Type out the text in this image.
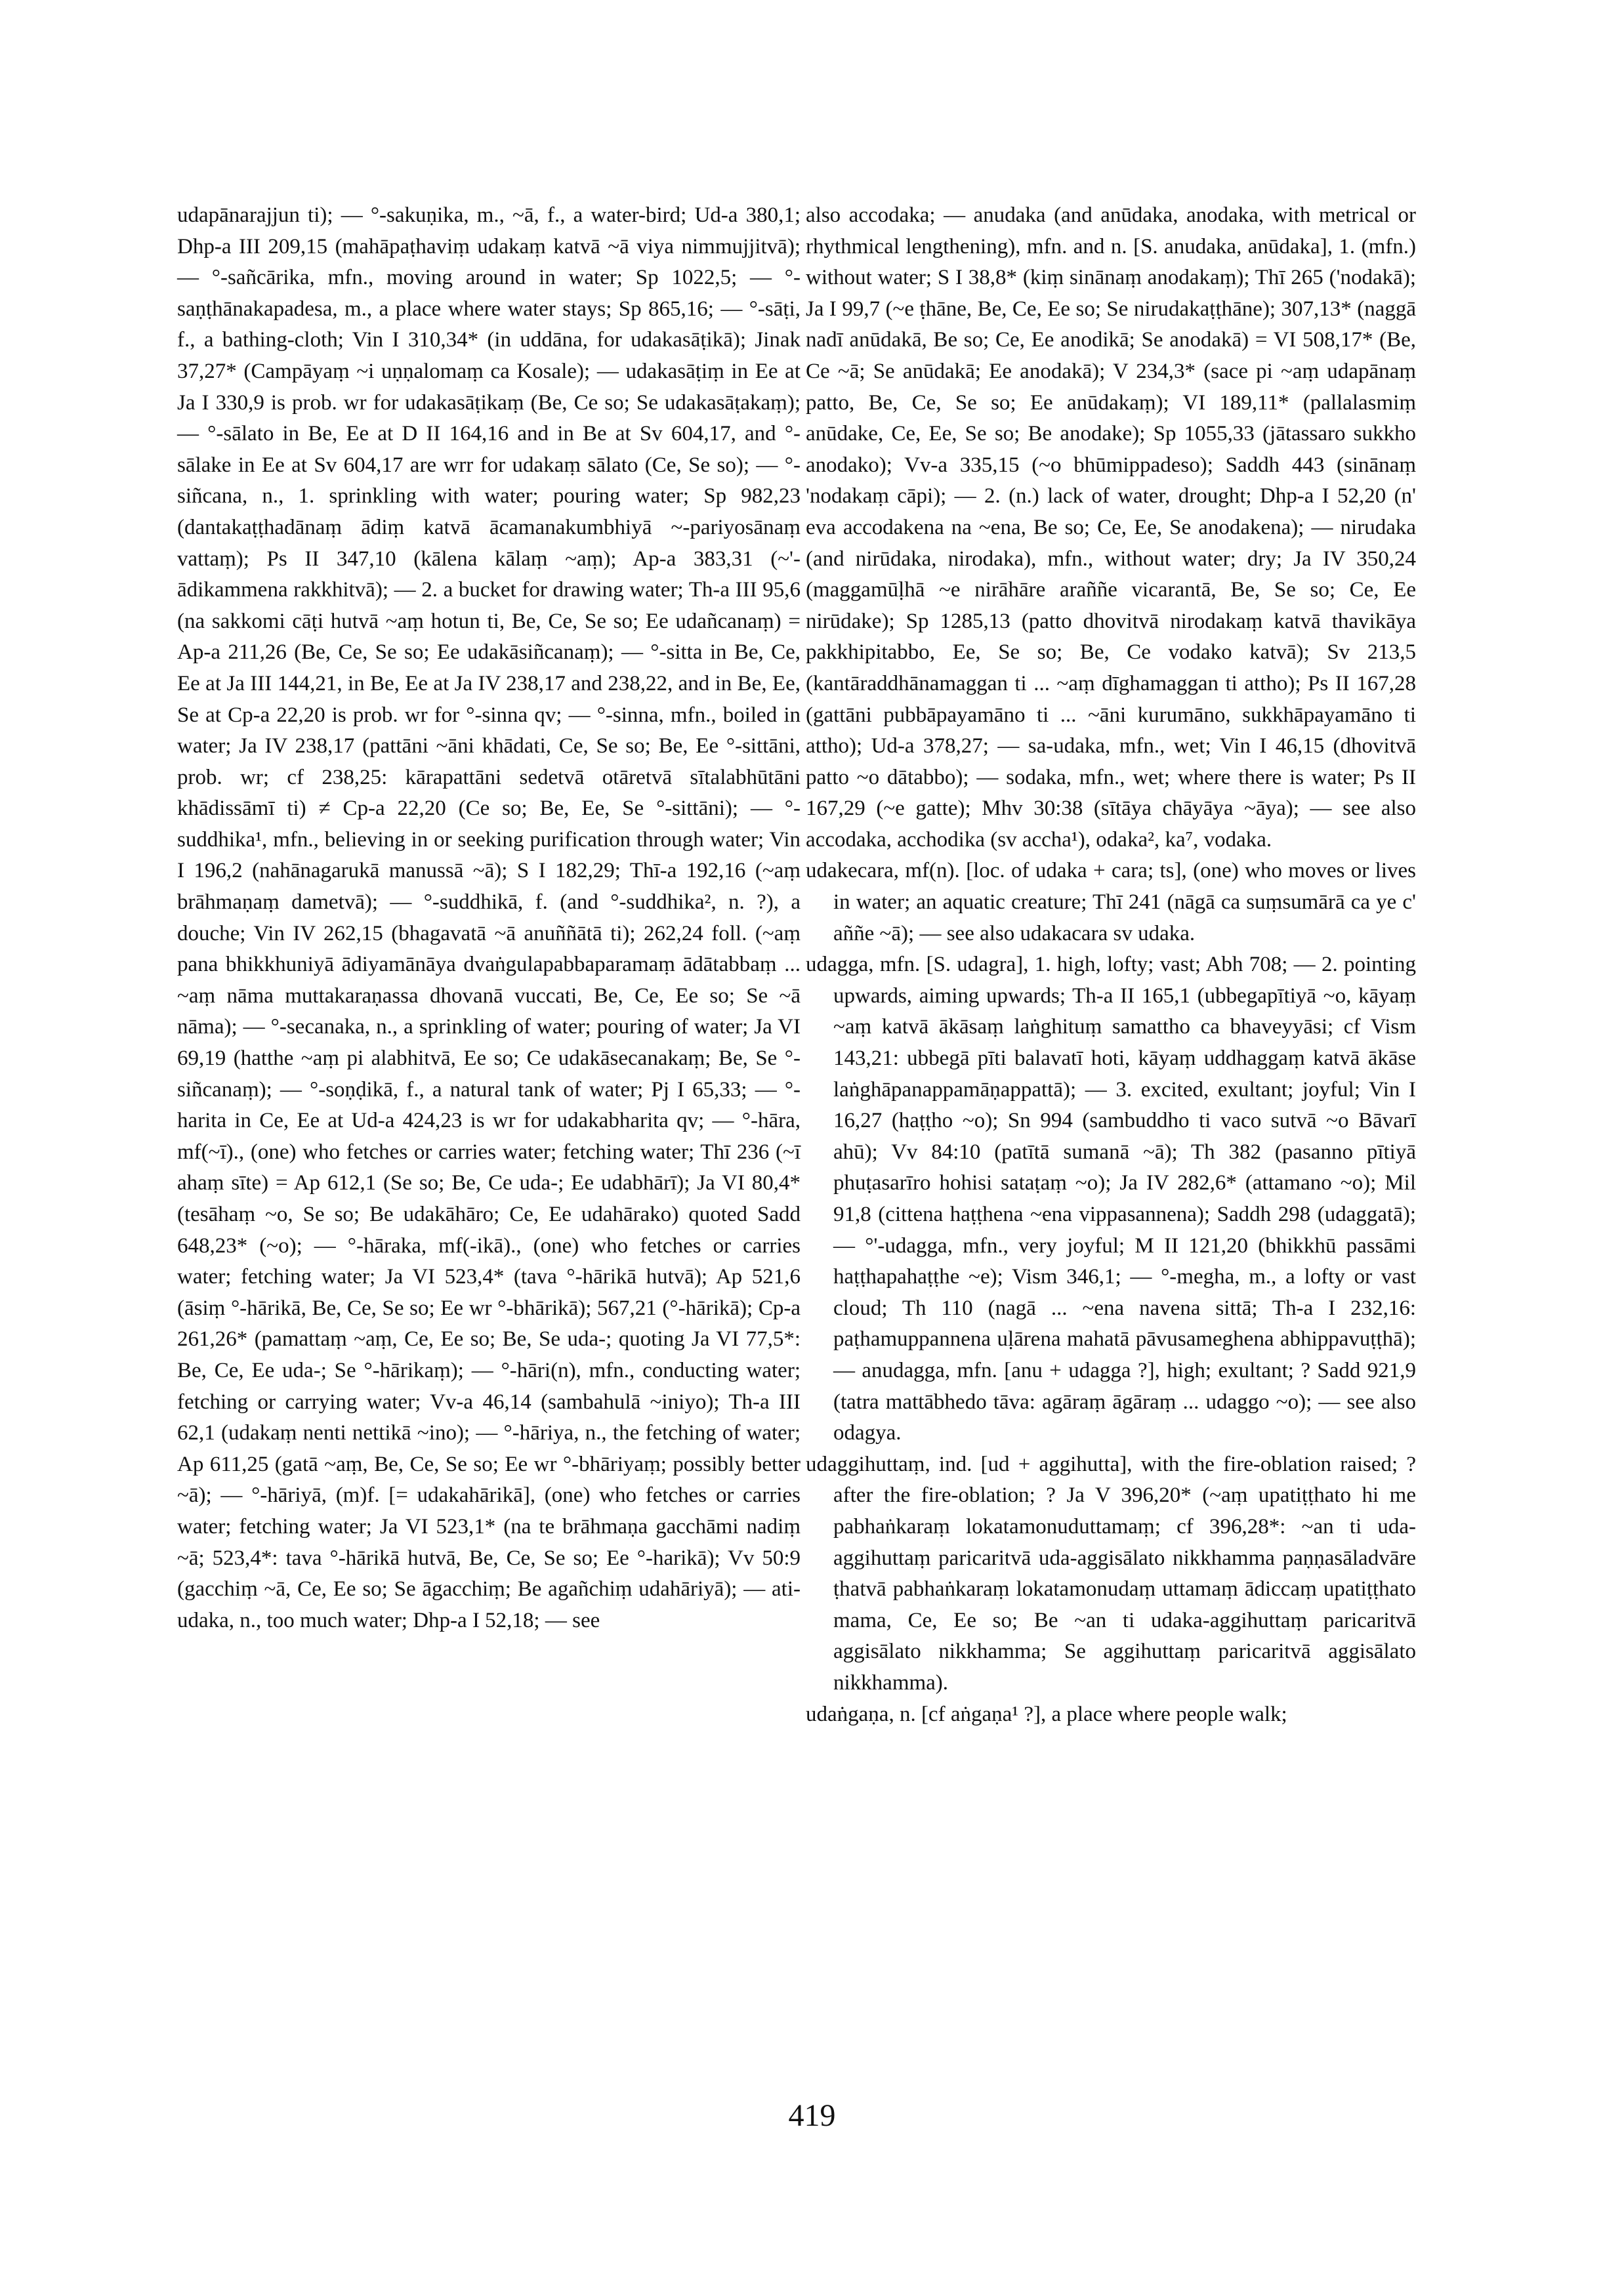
udapānarajjun ti); — °-sakuṇika, m., ~ā, f., a water-bird; Ud-a 380,1; Dhp-a III 209,15 (mahāpaṭhaviṃ udakaṃ katvā ~ā viya nimmujjitvā); — °-sañcārika, mfn., moving around in water; Sp 1022,5; — °-saṇṭhānakapadesa, m., a place where water stays; Sp 865,16; — °-sāṭi, f., a bathing-cloth; Vin I 310,34* (in uddāna, for udakasāṭikā); Jinak 37,27* (Campāyaṃ ~i uṇṇalomaṃ ca Kosale); — udakasāṭiṃ in Ee at Ja I 330,9 is prob. wr for udakasāṭikaṃ (Be, Ce so; Se udakasāṭakaṃ); — °-sālato in Be, Ee at D II 164,16 and in Be at Sv 604,17, and °-sālake in Ee at Sv 604,17 are wrr for udakaṃ sālato (Ce, Se so); — °-siñcana, n., 1. sprinkling with water; pouring water; Sp 982,23 (dantakaṭṭhadānaṃ ādiṃ katvā ācamanakumbhiyā ~-pariyosānaṃ vattaṃ); Ps II 347,10 (kālena kālaṃ ~aṃ); Ap-a 383,31 (~'-ādikammena rakkhitvā); — 2. a bucket for drawing water; Th-a III 95,6 (na sakkomi cāṭi hutvā ~aṃ hotun ti, Be, Ce, Se so; Ee udañcanaṃ) = Ap-a 211,26 (Be, Ce, Se so; Ee udakāsiñcanaṃ); — °-sitta in Be, Ce, Ee at Ja III 144,21, in Be, Ee at Ja IV 238,17 and 238,22, and in Be, Ee, Se at Cp-a 22,20 is prob. wr for °-sinna qv; — °-sinna, mfn., boiled in water; Ja IV 238,17 (pattāni ~āni khādati, Ce, Se so; Be, Ee °-sittāni, prob. wr; cf 238,25: kārapattāni sedetvā otāretvā sītalabhūtāni khādissāmī ti) ≠ Cp-a 22,20 (Ce so; Be, Ee, Se °-sittāni); — °-suddhika¹, mfn., believing in or seeking purification through water; Vin I 196,2 (nahānagarukā manussā ~ā); S I 182,29; Thī-a 192,16 (~aṃ brāhmaṇaṃ dametvā); — °-suddhikā, f. (and °-suddhika², n. ?), a douche; Vin IV 262,15 (bhagavatā ~ā anuññātā ti); 262,24 foll. (~aṃ pana bhikkhuniyā ādiyamānāya dvaṅgulapabbaparamaṃ ādātabbaṃ ... ~aṃ nāma muttakaraṇassa dhovanā vuccati, Be, Ce, Ee so; Se ~ā nāma); — °-secanaka, n., a sprinkling of water; pouring of water; Ja VI 69,19 (hatthe ~aṃ pi alabhitvā, Ee so; Ce udakāsecanakaṃ; Be, Se °-siñcanaṃ); — °-soṇḍikā, f., a natural tank of water; Pj I 65,33; — °-harita in Ce, Ee at Ud-a 424,23 is wr for udakabharita qv; — °-hāra, mf(~ī)., (one) who fetches or carries water; fetching water; Thī 236 (~ī ahaṃ sīte) = Ap 612,1 (Se so; Be, Ce uda-; Ee udabhārī); Ja VI 80,4* (tesāhaṃ ~o, Se so; Be udakāhāro; Ce, Ee udahārako) quoted Sadd 648,23* (~o); — °-hāraka, mf(-ikā)., (one) who fetches or carries water; fetching water; Ja VI 523,4* (tava °-hārikā hutvā); Ap 521,6 (āsiṃ °-hārikā, Be, Ce, Se so; Ee wr °-bhārikā); 567,21 (°-hārikā); Cp-a 261,26* (pamattaṃ ~aṃ, Ce, Ee so; Be, Se uda-; quoting Ja VI 77,5*: Be, Ce, Ee uda-; Se °-hārikaṃ); — °-hāri(n), mfn., conducting water; fetching or carrying water; Vv-a 46,14 (sambahulā ~iniyo); Th-a III 62,1 (udakaṃ nenti nettikā ~ino); — °-hāriya, n., the fetching of water; Ap 611,25 (gatā ~aṃ, Be, Ce, Se so; Ee wr °-bhāriyaṃ; possibly better ~ā); — °-hāriyā, (m)f. [= udakahārikā], (one) who fetches or carries water; fetching water; Ja VI 523,1* (na te brāhmaṇa gacchāmi nadiṃ ~ā; 523,4*: tava °-hārikā hutvā, Be, Ce, Se so; Ee °-harikā); Vv 50:9 (gacchiṃ ~ā, Ce, Ee so; Se āgacchiṃ; Be agañchiṃ udahāriyā); — ati-udaka, n., too much water; Dhp-a I 52,18; — see

also accodaka; — anudaka (and anūdaka, anodaka, with metrical or rhythmical lengthening), mfn. and n. [S. anudaka, anūdaka], 1. (mfn.) without water; S I 38,8* (kiṃ sinānaṃ anodakaṃ); Thī 265 ('nodakā); Ja I 99,7 (~e ṭhāne, Be, Ce, Ee so; Se nirudakaṭṭhāne); 307,13* (naggā nadī anūdakā, Be so; Ce, Ee anodikā; Se anodakā) = VI 508,17* (Be, Ce ~ā; Se anūdakā; Ee anodakā); V 234,3* (sace pi ~aṃ udapānaṃ patto, Be, Ce, Se so; Ee anūdakaṃ); VI 189,11* (pallalasmiṃ anūdake, Ce, Ee, Se so; Be anodake); Sp 1055,33 (jātassaro sukkho anodako); Vv-a 335,15 (~o bhūmippadeso); Saddh 443 (sinānaṃ 'nodakaṃ cāpi); — 2. (n.) lack of water, drought; Dhp-a I 52,20 (n' eva accodakena na ~ena, Be so; Ce, Ee, Se anodakena); — nirudaka (and nirūdaka, nirodaka), mfn., without water; dry; Ja IV 350,24 (maggamūḷhā ~e nirāhāre araññe vicarantā, Be, Se so; Ce, Ee nirūdake); Sp 1285,13 (patto dhovitvā nirodakaṃ katvā thavikāya pakkhipitabbo, Ee, Se so; Be, Ce vodako katvā); Sv 213,5 (kantāraddhānamaggan ti ... ~aṃ dīghamaggan ti attho); Ps II 167,28 (gattāni pubbāpayamāno ti ... ~āni kurumāno, sukkhāpayamāno ti attho); Ud-a 378,27; — sa-udaka, mfn., wet; Vin I 46,15 (dhovitvā patto ~o dātabbo); — sodaka, mfn., wet; where there is water; Ps II 167,29 (~e gatte); Mhv 30:38 (sītāya chāyāya ~āya); — see also accodaka, acchodika (sv accha¹), odaka², ka⁷, vodaka.

udakecara, mf(n). [loc. of udaka + cara; ts], (one) who moves or lives in water; an aquatic creature; Thī 241 (nāgā ca suṃsumārā ca ye c' aññe ~ā); — see also udakacara sv udaka.

udagga, mfn. [S. udagra], 1. high, lofty; vast; Abh 708; — 2. pointing upwards, aiming upwards; Th-a II 165,1 (ubbegapītiyā ~o, kāyaṃ ~aṃ katvā ākāsaṃ laṅghituṃ samattho ca bhaveyyāsi; cf Vism 143,21: ubbegā pīti balavatī hoti, kāyaṃ uddhaggaṃ katvā ākāse laṅghāpanappamāṇappattā); — 3. excited, exultant; joyful; Vin I 16,27 (haṭṭho ~o); Sn 994 (sambuddho ti vaco sutvā ~o Bāvarī ahū); Vv 84:10 (patītā sumanā ~ā); Th 382 (pasanno pītiyā phuṭasarīro hohisi sataṭaṃ ~o); Ja IV 282,6* (attamano ~o); Mil 91,8 (cittena haṭṭhena ~ena vippasannena); Saddh 298 (udaggatā); — °'-udagga, mfn., very joyful; M II 121,20 (bhikkhū passāmi haṭṭhapahaṭṭhe ~e); Vism 346,1; — °-megha, m., a lofty or vast cloud; Th 110 (nagā ... ~ena navena sittā; Th-a I 232,16: paṭhamuppannena uḷārena mahatā pāvusameghena abhippavuṭṭhā); — anudagga, mfn. [anu + udagga ?], high; exultant; ? Sadd 921,9 (tatra mattābhedo tāva: agāraṃ āgāraṃ ... udaggo ~o); — see also odagya.

udaggihuttaṃ, ind. [ud + aggihutta], with the fire-oblation raised; ? after the fire-oblation; ? Ja V 396,20* (~aṃ upatiṭṭhato hi me pabhaṅkaraṃ lokatamonuduttamaṃ; cf 396,28*: ~an ti uda-aggihuttaṃ paricaritvā uda-aggisālato nikkhamma paṇṇasāladvāre ṭhatvā pabhaṅkaraṃ lokatamonudaṃ uttamaṃ ādiccaṃ upatiṭṭhato mama, Ce, Ee so; Be ~an ti udaka-aggihuttaṃ paricaritvā aggisālato nikkhamma; Se aggihuttaṃ paricaritvā aggisālato nikkhamma).

udaṅgaṇa, n. [cf aṅgaṇa¹ ?], a place where people walk;

419
